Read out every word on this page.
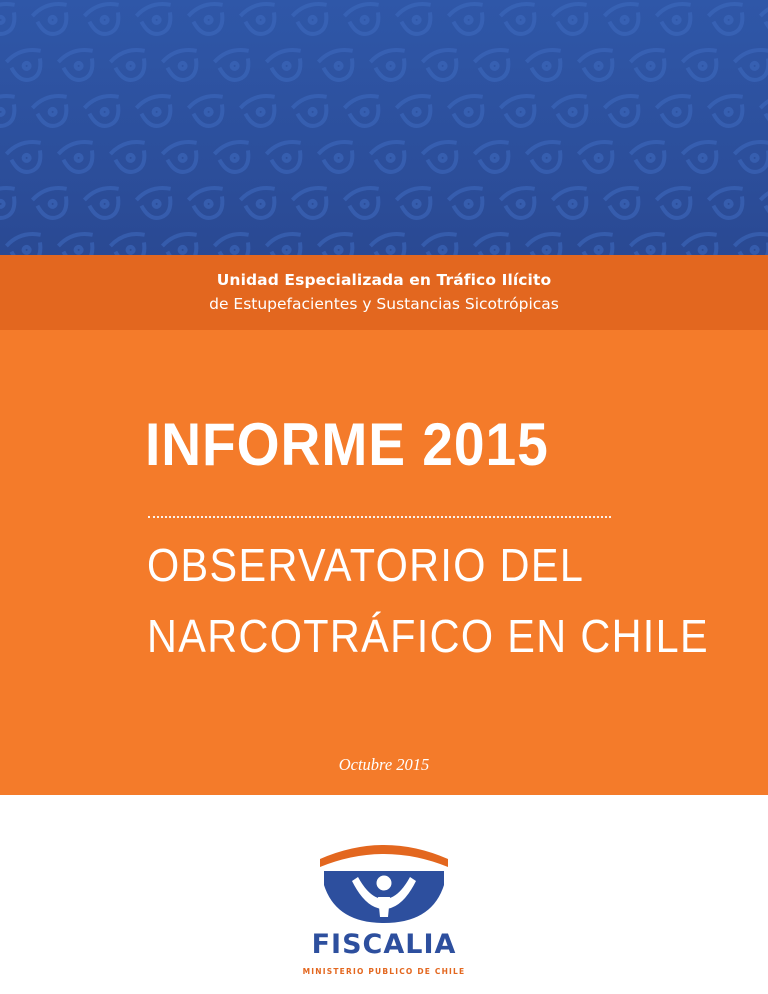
Unidad Especializada en Tráfico Ilícito
de Estupefacientes y Sustancias Sicotrópicas
INFORME 2015
OBSERVATORIO DEL
NARCOTRÁFICO EN CHILE
Octubre 2015
FISCALIA
MINISTERIO PUBLICO DE CHILE
